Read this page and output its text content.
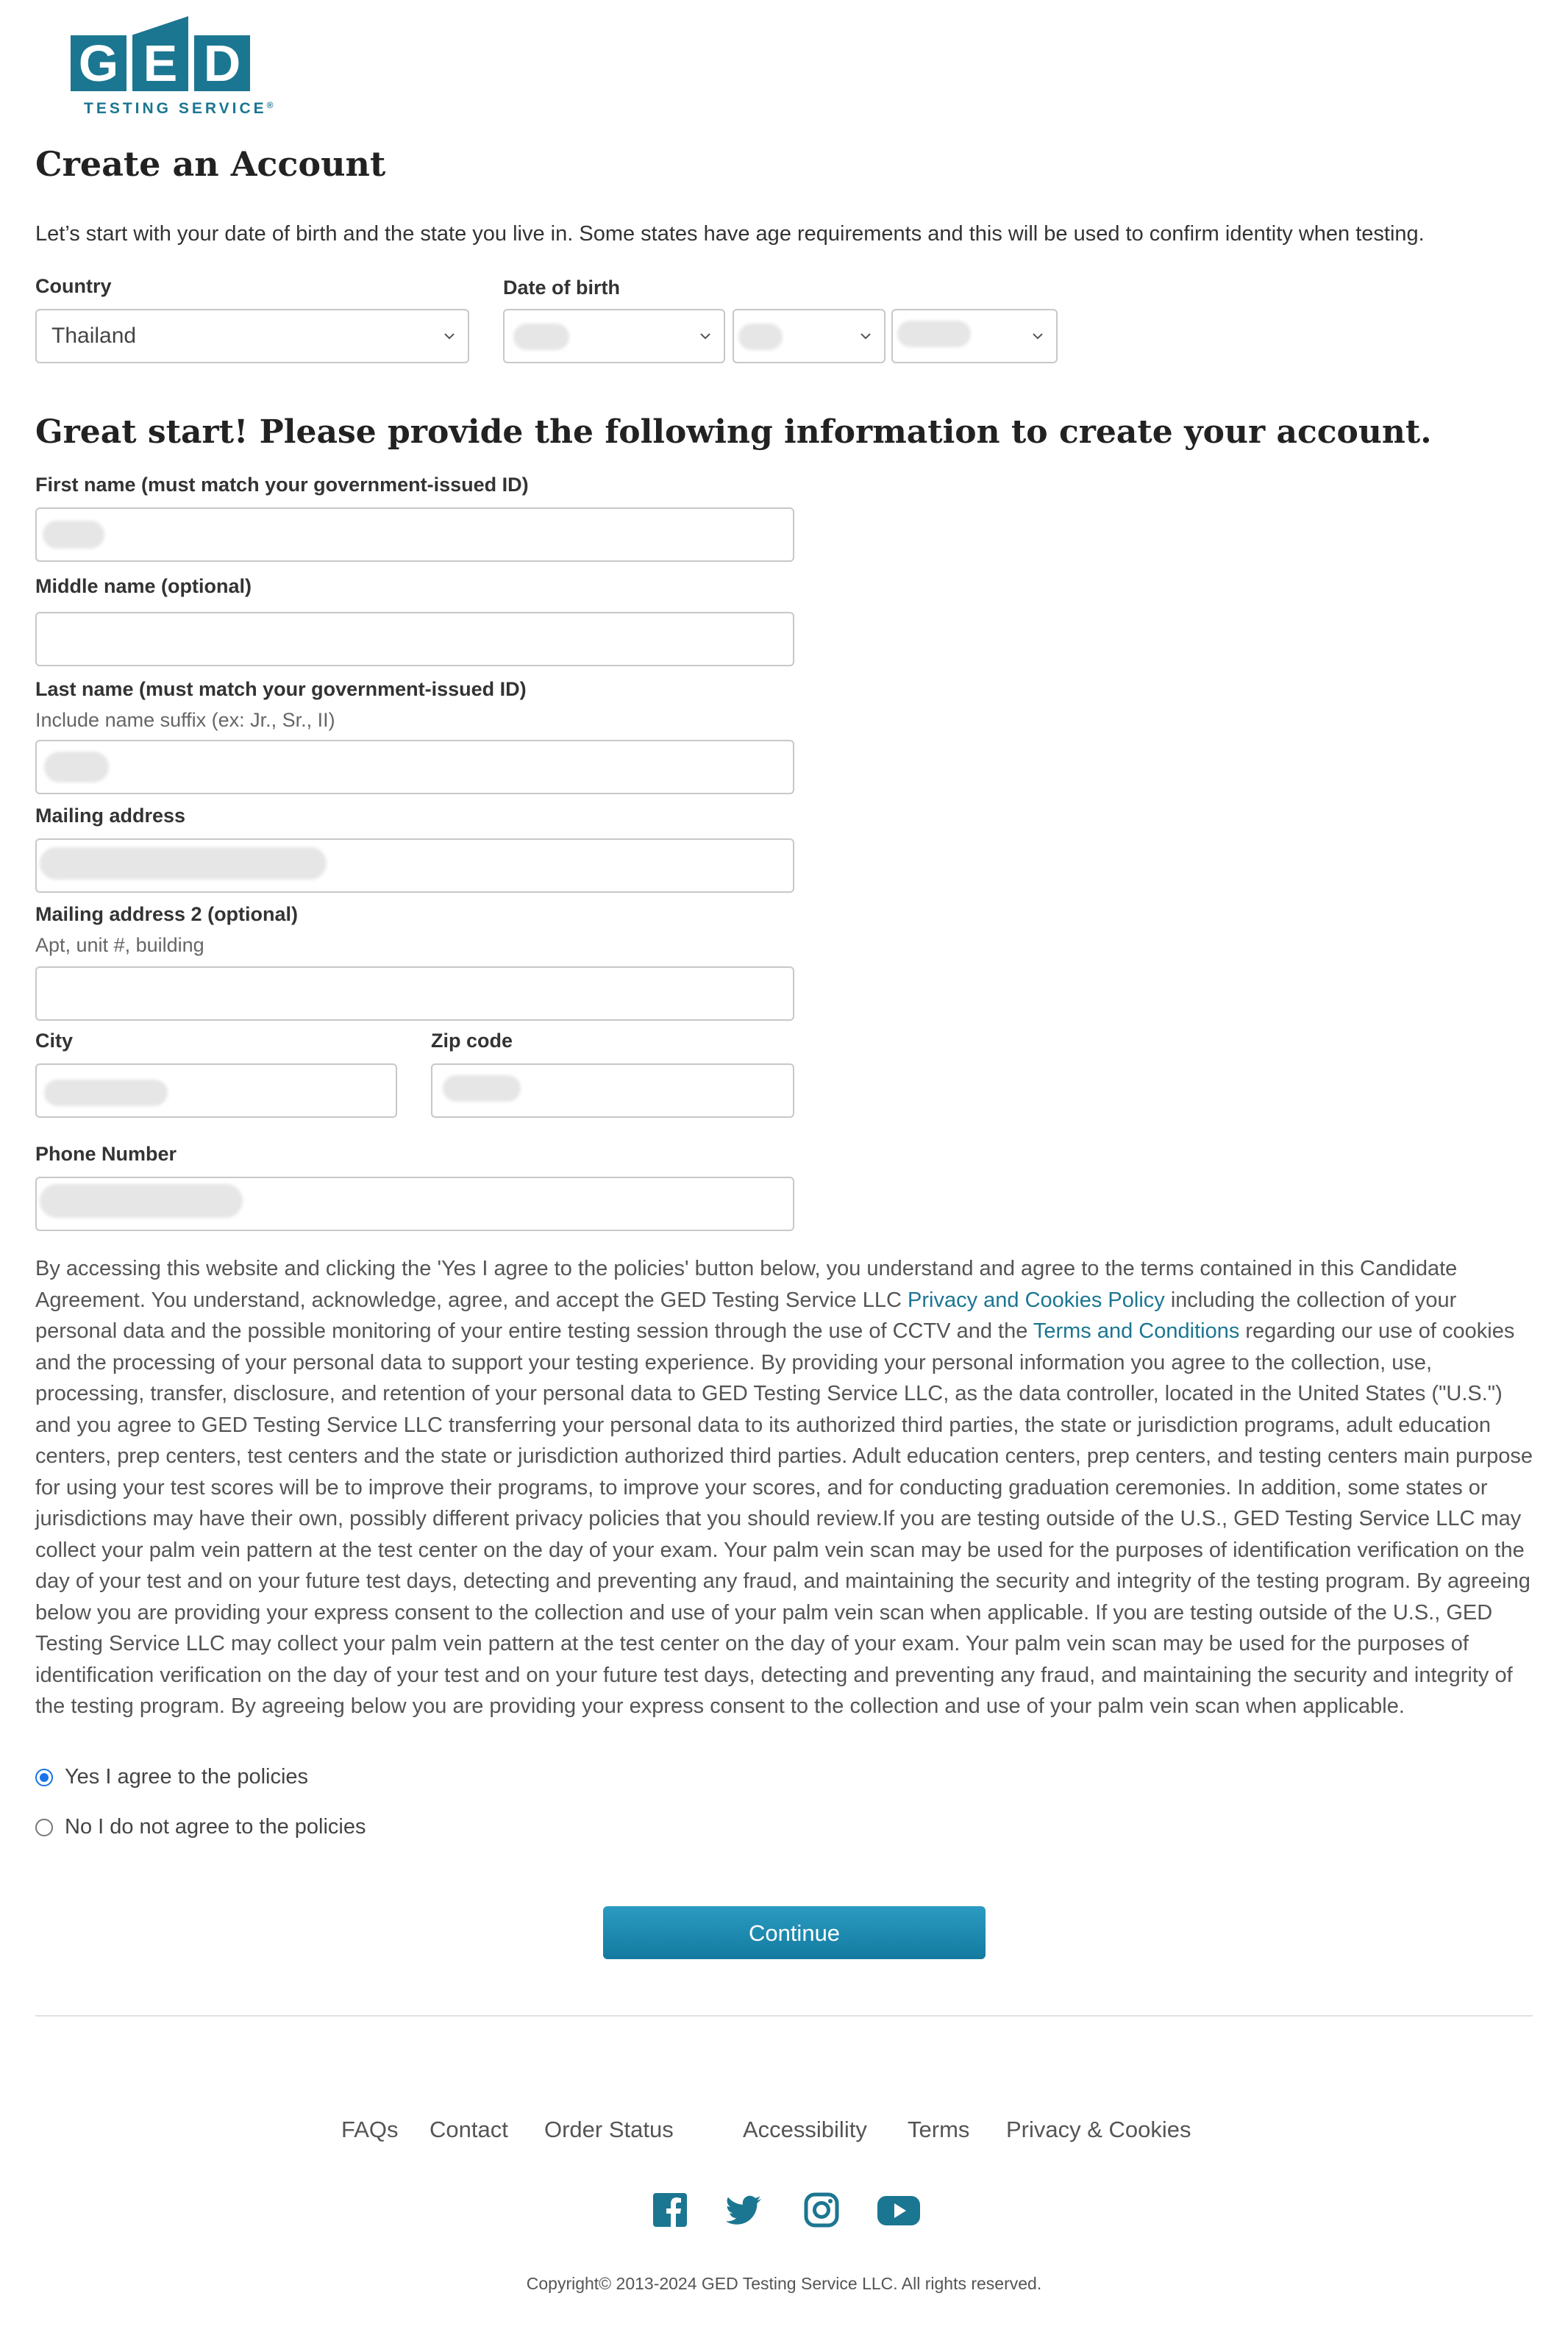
G E D
TESTING SERVICE®
Create an Account
Let’s start with your date of birth and the state you live in. Some states have age requirements and this will be used to confirm identity when testing.
Country
Thailand
Date of birth
Great start! Please provide the following information to create your account.
First name (must match your government-issued ID)
Middle name (optional)
Last name (must match your government-issued ID)
Include name suffix (ex: Jr., Sr., II)
Mailing address
Mailing address 2 (optional)
Apt, unit #, building
City	Zip code
Phone Number
By accessing this website and clicking the 'Yes I agree to the policies' button below, you understand and agree to the terms contained in this Candidate Agreement. You understand, acknowledge, agree, and accept the GED Testing Service LLC Privacy and Cookies Policy including the collection of your personal data and the possible monitoring of your entire testing session through the use of CCTV and the Terms and Conditions regarding our use of cookies and the processing of your personal data to support your testing experience. By providing your personal information you agree to the collection, use, processing, transfer, disclosure, and retention of your personal data to GED Testing Service LLC, as the data controller, located in the United States ("U.S.") and you agree to GED Testing Service LLC transferring your personal data to its authorized third parties, the state or jurisdiction programs, adult education centers, prep centers, test centers and the state or jurisdiction authorized third parties. Adult education centers, prep centers, and testing centers main purpose for using your test scores will be to improve their programs, to improve your scores, and for conducting graduation ceremonies. In addition, some states or jurisdictions may have their own, possibly different privacy policies that you should review.If you are testing outside of the U.S., GED Testing Service LLC may collect your palm vein pattern at the test center on the day of your exam. Your palm vein scan may be used for the purposes of identification verification on the day of your test and on your future test days, detecting and preventing any fraud, and maintaining the security and integrity of the testing program. By agreeing below you are providing your express consent to the collection and use of your palm vein scan when applicable. If you are testing outside of the U.S., GED Testing Service LLC may collect your palm vein pattern at the test center on the day of your exam. Your palm vein scan may be used for the purposes of identification verification on the day of your test and on your future test days, detecting and preventing any fraud, and maintaining the security and integrity of the testing program. By agreeing below you are providing your express consent to the collection and use of your palm vein scan when applicable.
Yes I agree to the policies
No I do not agree to the policies
Continue
FAQs Contact Order Status	Accessibility Terms Privacy & Cookies
Copyright© 2013-2024 GED Testing Service LLC. All rights reserved.
